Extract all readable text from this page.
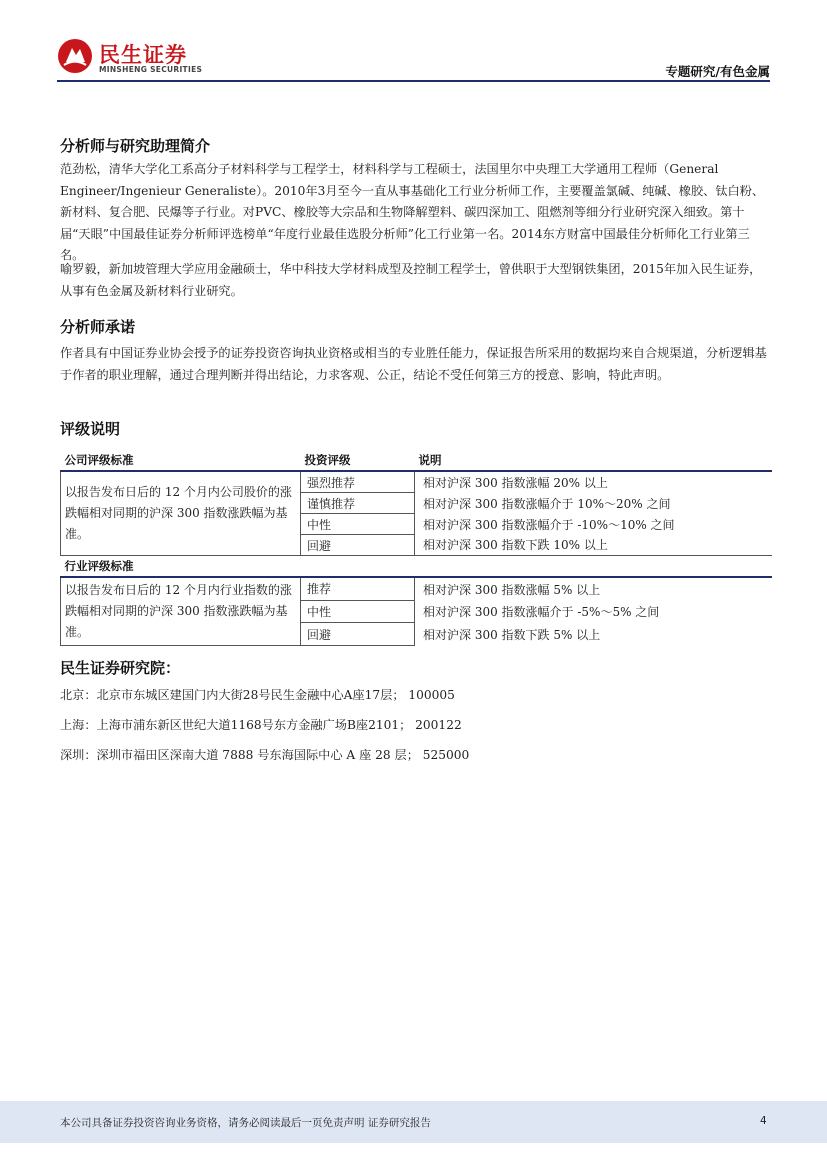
民生证券
MINSHENG SECURITIES	专题研究/有色金属
分析师与研究助理简介

范劲松，清华大学化工系高分子材料科学与工程学士，材料科学与工程硕士，法国里尔中央理工大学通用工程师（General Engineer/Ingenieur Generaliste）。2010年3月至今一直从事基础化工行业分析师工作，主要覆盖氯碱、纯碱、橡胶、钛白粉、新材料、复合肥、民爆等子行业。对PVC、橡胶等大宗品和生物降解塑料、碳四深加工、阻燃剂等细分行业研究深入细致。第十届“天眼”中国最佳证券分析师评选榜单“年度行业最佳选股分析师”化工行业第一名。2014东方财富中国最佳分析师化工行业第三名。

喻罗毅，新加坡管理大学应用金融硕士，华中科技大学材料成型及控制工程学士，曾供职于大型钢铁集团，2015年加入民生证券，从事有色金属及新材料行业研究。

分析师承诺

作者具有中国证券业协会授予的证券投资咨询执业资格或相当的专业胜任能力，保证报告所采用的数据均来自合规渠道，分析逻辑基于作者的职业理解，通过合理判断并得出结论，力求客观、公正，结论不受任何第三方的授意、影响，特此声明。

评级说明
公司评级标准	投资评级	说明
以报告发布日后的 12 个月内公司股价的涨跌幅相对同期的沪深 300 指数涨跌幅为基准。	强烈推荐	相对沪深 300 指数涨幅 20% 以上
	谨慎推荐	相对沪深 300 指数涨幅介于 10%～20% 之间
	中性	相对沪深 300 指数涨幅介于 -10%～10% 之间
	回避	相对沪深 300 指数下跌 10% 以上
行业评级标准		
以报告发布日后的 12 个月内行业指数的涨跌幅相对同期的沪深 300 指数涨跌幅为基准。	推荐	相对沪深 300 指数涨幅 5% 以上
	中性	相对沪深 300 指数涨幅介于 -5%～5% 之间
	回避	相对沪深 300 指数下跌 5% 以上
民生证券研究院：
北京：北京市东城区建国门内大街28号民生金融中心A座17层； 100005
上海：上海市浦东新区世纪大道1168号东方金融广场B座2101； 200122
深圳：深圳市福田区深南大道 7888 号东海国际中心 A 座 28 层； 525000
本公司具备证券投资咨询业务资格，请务必阅读最后一页免责声明 证券研究报告	4
